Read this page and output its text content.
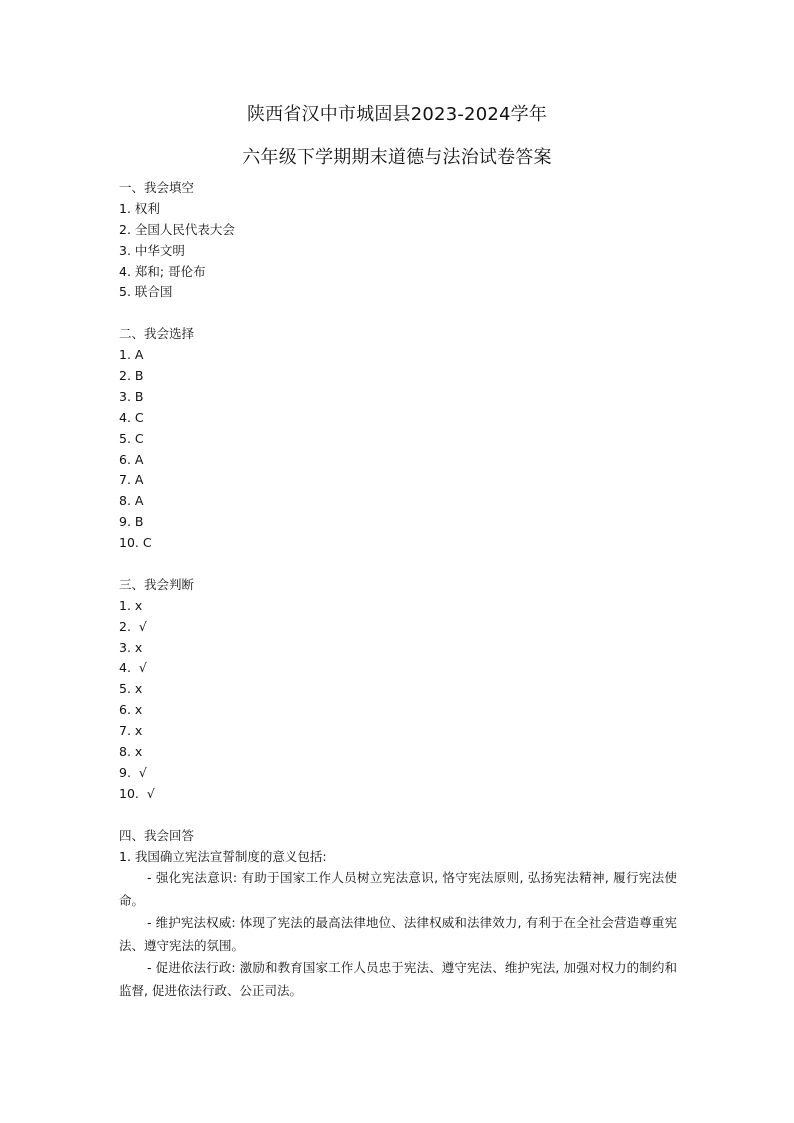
陕西省汉中市城固县2023-2024学年
六年级下学期期末道德与法治试卷答案
一、我会填空
1. 权利
2. 全国人民代表大会
3. 中华文明
4. 郑和; 哥伦布
5. 联合国
二、我会选择
1. A
2. B
3. B
4. C
5. C
6. A
7. A
8. A
9. B
10. C
三、我会判断
1. x
2.  √
3. x
4.  √
5. x
6. x
7. x
8. x
9.  √
10.  √
四、我会回答
1. 我国确立宪法宣誓制度的意义包括:
- 强化宪法意识: 有助于国家工作人员树立宪法意识, 恪守宪法原则, 弘扬宪法精神, 履行宪法使命。
- 维护宪法权威: 体现了宪法的最高法律地位、法律权威和法律效力, 有利于在全社会营造尊重宪法、遵守宪法的氛围。
- 促进依法行政: 激励和教育国家工作人员忠于宪法、遵守宪法、维护宪法, 加强对权力的制约和监督, 促进依法行政、公正司法。
